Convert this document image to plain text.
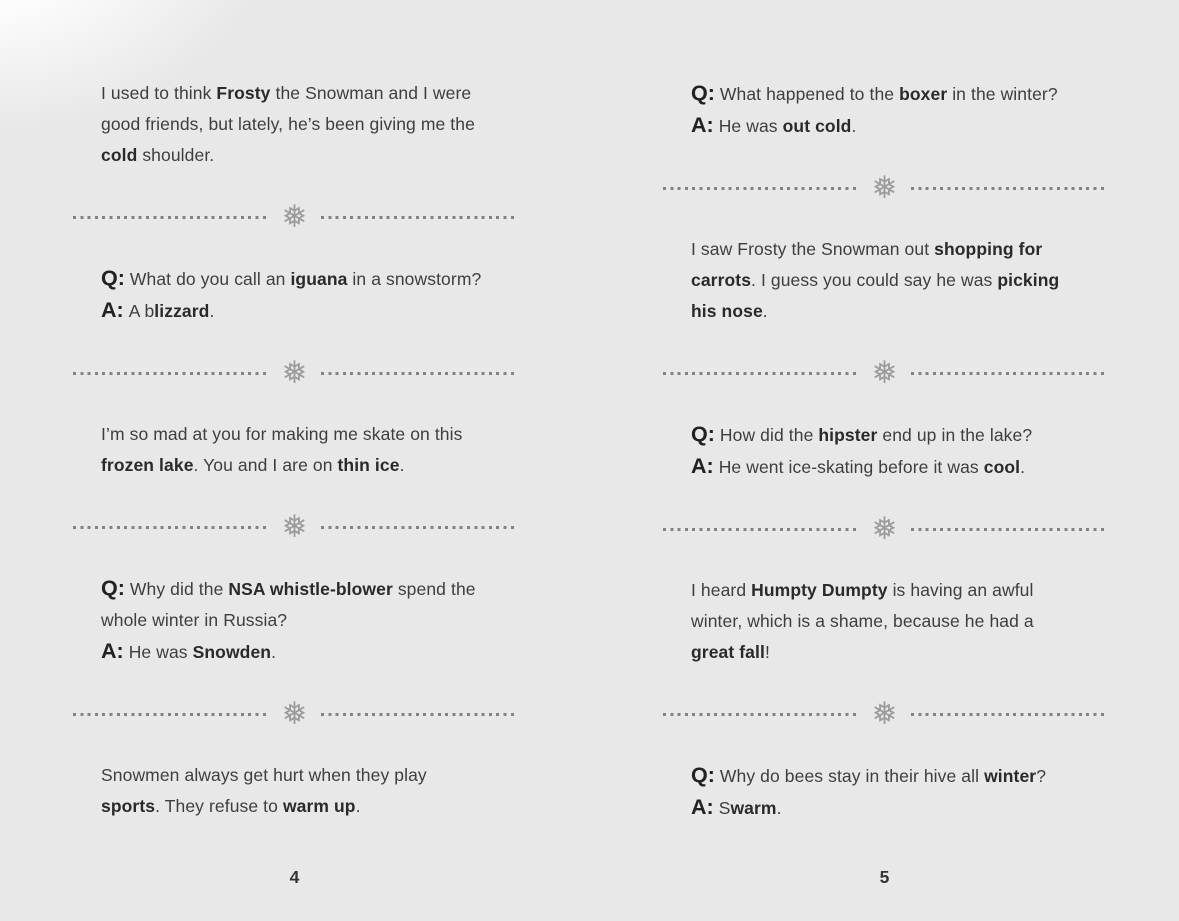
I used to think Frosty the Snowman and I were good friends, but lately, he’s been giving me the cold shoulder.

❅
Q: What do you call an iguana in a snowstorm?
A: A blizzard.
❅

I’m so mad at you for making me skate on this frozen lake. You and I are on thin ice.

❅
Q: Why did the NSA whistle-blower spend the whole winter in Russia?
A: He was Snowden.
❅

Snowmen always get hurt when they play sports. They refuse to warm up.

4
Q: What happened to the boxer in the winter?
A: He was out cold.
❅

I saw Frosty the Snowman out shopping for carrots. I guess you could say he was picking his nose.

❅
Q: How did the hipster end up in the lake?
A: He went ice-skating before it was cool.
❅

I heard Humpty Dumpty is having an awful winter, which is a shame, because he had a great fall!

❅
Q: Why do bees stay in their hive all winter?
A: Swarm.
5
